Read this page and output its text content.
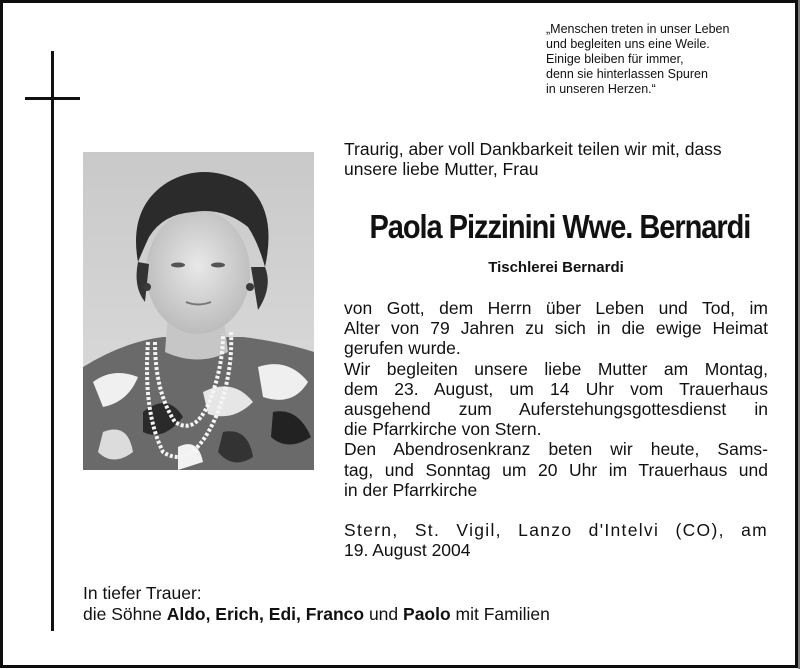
„Menschen treten in unser Leben
und begleiten uns eine Weile.
Einige bleiben für immer,
denn sie hinterlassen Spuren
in unseren Herzen.“
Traurig, aber voll Dankbarkeit teilen wir mit, dass
unsere liebe Mutter, Frau
Paola Pizzinini Wwe. Bernardi
Tischlerei Bernardi
von Gott, dem Herrn über Leben und Tod, im
Alter von 79 Jahren zu sich in die ewige Heimat
gerufen wurde.
Wir begleiten unsere liebe Mutter am Montag,
dem 23. August, um 14 Uhr vom Trauerhaus
ausgehend zum Auferstehungsgottesdienst in
die Pfarrkirche von Stern.
Den Abendrosenkranz beten wir heute, Sams-
tag, und Sonntag um 20 Uhr im Trauerhaus und
in der Pfarrkirche
Stern, St. Vigil, Lanzo d'Intelvi (CO), am
19. August 2004
In tiefer Trauer:
die Söhne Aldo, Erich, Edi, Franco und Paolo mit Familien
